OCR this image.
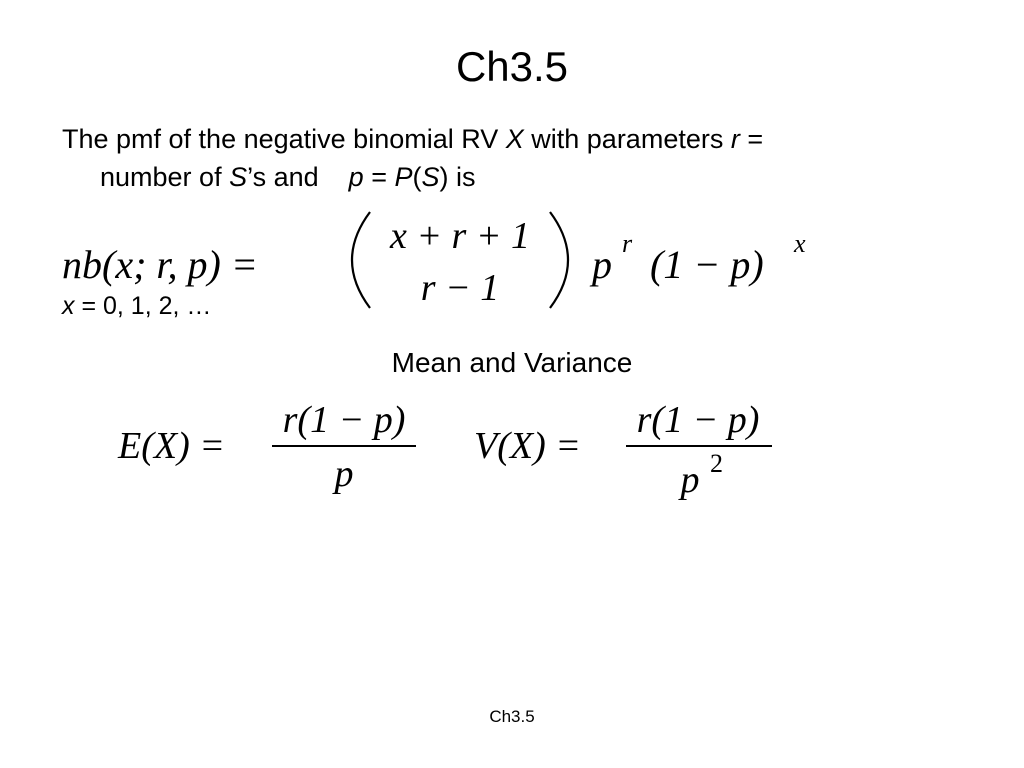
Ch3.5
The pmf of the negative binomial RV X with parameters r =
number of S’s and p = P(S) is
nb(x; r, p) =
x + r + 1
r − 1
p r (1 − p) x
E(X) =
r(1 − p)
p
V(X) =
r(1 − p)
p 2
x = 0, 1, 2, …
Mean and Variance
Ch3.5
